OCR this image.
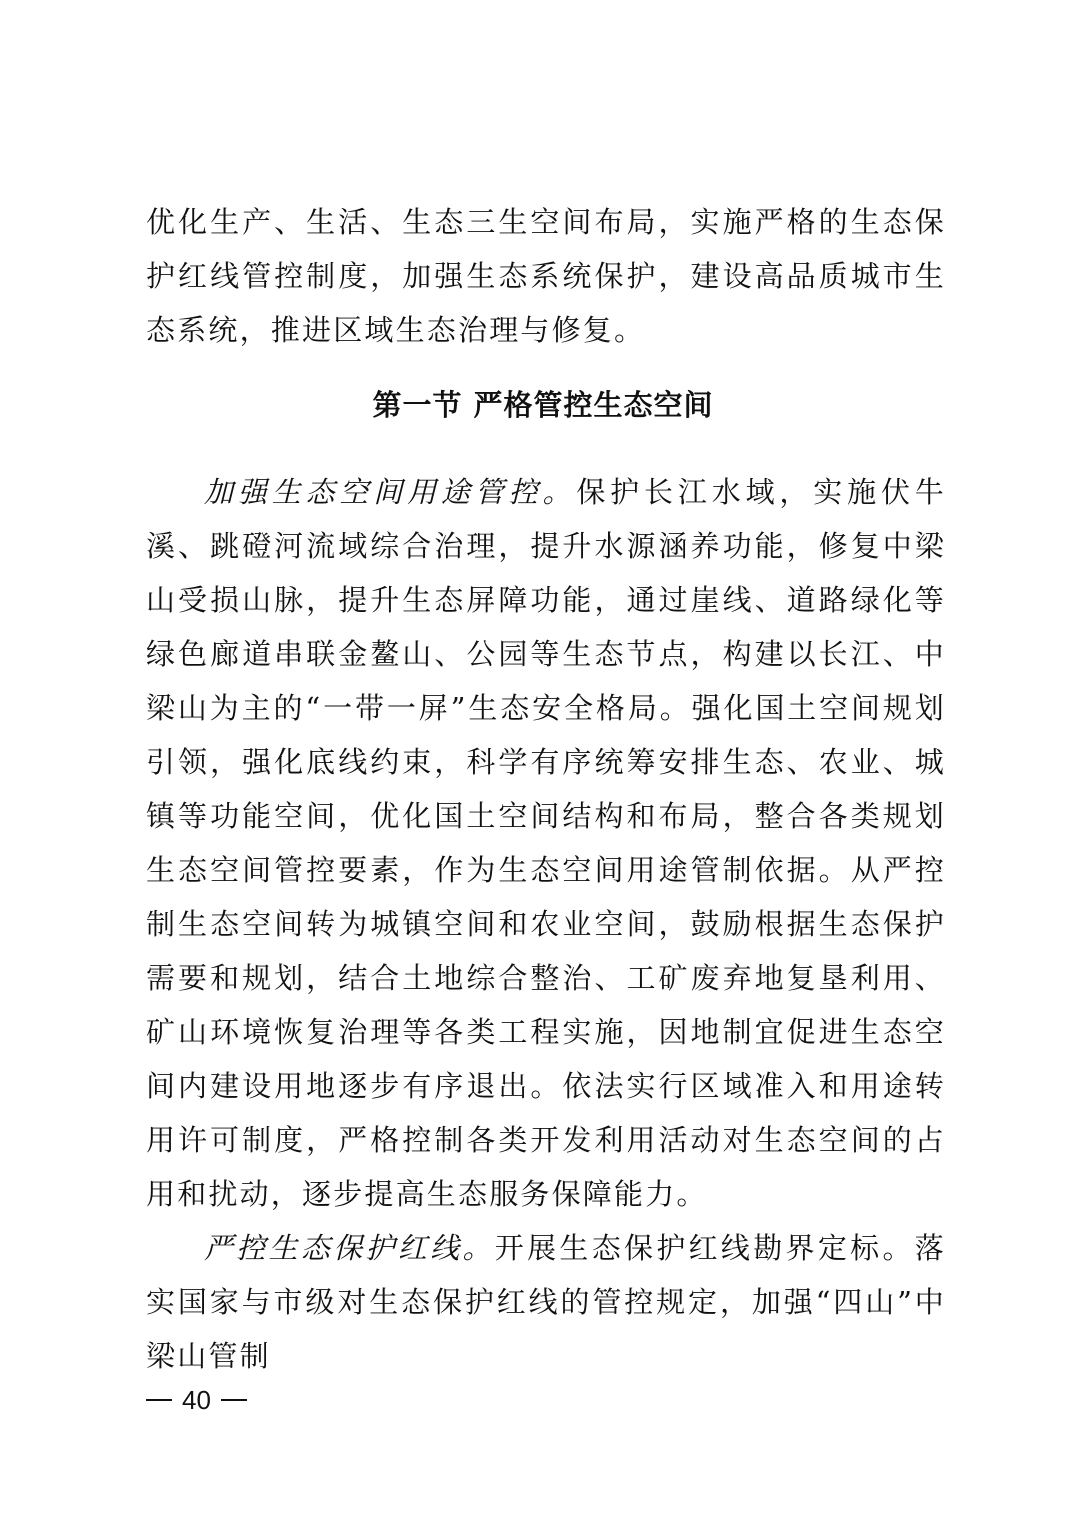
优化生产、生活、生态三生空间布局，实施严格的生态保护红线管控制度，加强生态系统保护，建设高品质城市生态系统，推进区域生态治理与修复。

第一节 严格管控生态空间

加强生态空间用途管控。保护长江水域，实施伏牛溪、跳磴河流域综合治理，提升水源涵养功能，修复中梁山受损山脉，提升生态屏障功能，通过崖线、道路绿化等绿色廊道串联金鳌山、公园等生态节点，构建以长江、中梁山为主的“一带一屏”生态安全格局。强化国土空间规划引领，强化底线约束，科学有序统筹安排生态、农业、城镇等功能空间，优化国土空间结构和布局，整合各类规划生态空间管控要素，作为生态空间用途管制依据。从严控制生态空间转为城镇空间和农业空间，鼓励根据生态保护需要和规划，结合土地综合整治、工矿废弃地复垦利用、矿山环境恢复治理等各类工程实施，因地制宜促进生态空间内建设用地逐步有序退出。依法实行区域准入和用途转用许可制度，严格控制各类开发利用活动对生态空间的占用和扰动，逐步提高生态服务保障能力。

严控生态保护红线。开展生态保护红线勘界定标。落实国家与市级对生态保护红线的管控规定，加强“四山”中梁山管制

40
